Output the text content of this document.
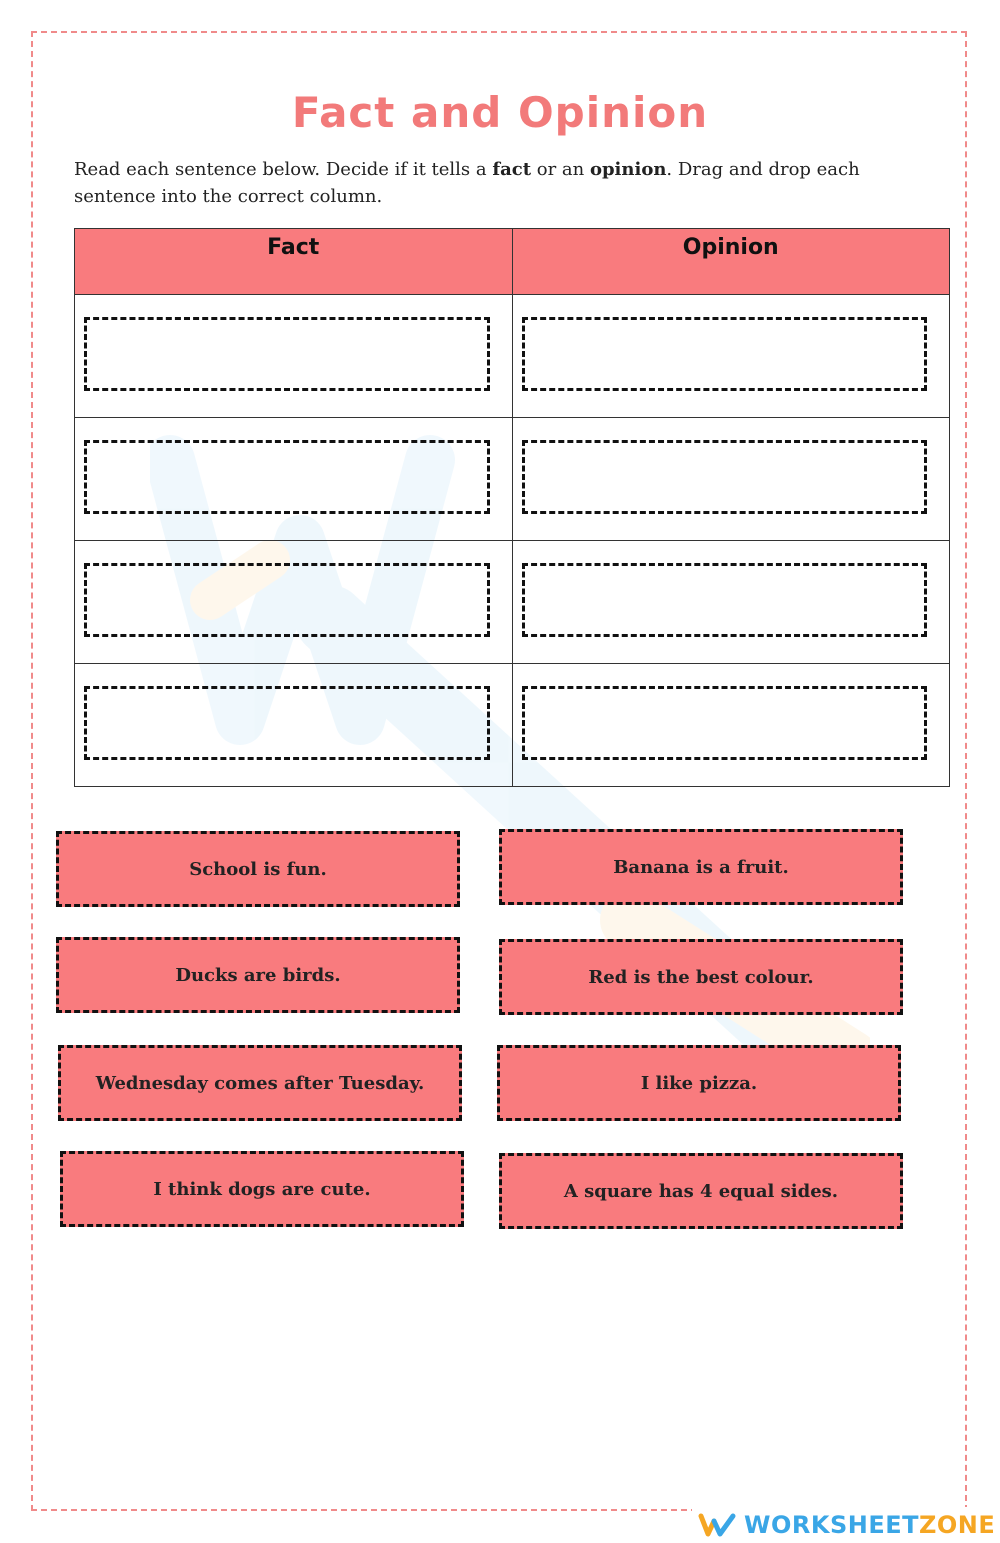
Fact and Opinion
Read each sentence below. Decide if it tells a fact or an opinion. Drag and drop each sentence into the correct column.
Fact	Opinion

School is fun.
Ducks are birds.
Wednesday comes after Tuesday.
I think dogs are cute.
Banana is a fruit.
Red is the best colour.
I like pizza.
A square has 4 equal sides.
WORKSHEETZONE
